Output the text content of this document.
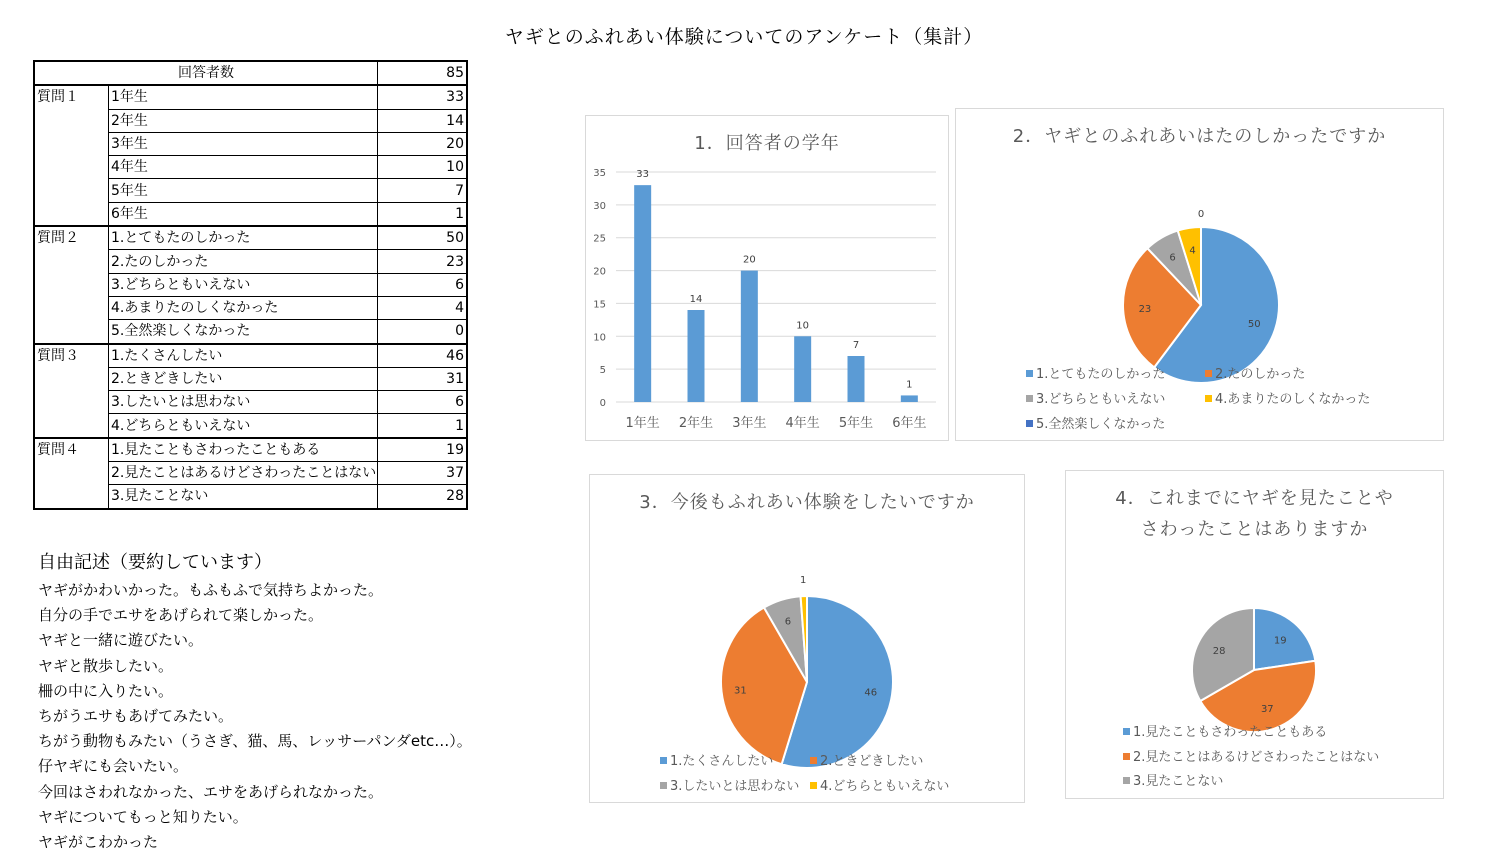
ヤギとのふれあい体験についてのアンケート（集計）
回答者数		85
質問１	1年生	33
	2年生	14
	3年生	20
	4年生	10
	5年生	7
	6年生	1
質問２	1.とてもたのしかった	50
	2.たのしかった	23
	3.どちらともいえない	6
	4.あまりたのしくなかった	4
	5.全然楽しくなかった	0
質問３	1.たくさんしたい	46
	2.ときどきしたい	31
	3.したいとは思わない	6
	4.どちらともいえない	1
質問４	1.見たこともさわったこともある	19
	2.見たことはあるけどさわったことはない	37
	3.見たことない	28
自由記述（要約しています）
ヤギがかわいかった。もふもふで気持ちよかった。
自分の手でエサをあげられて楽しかった。
ヤギと一緒に遊びたい。
ヤギと散歩したい。
柵の中に入りたい。
ちがうエサもあげてみたい。
ちがう動物もみたい（うさぎ、猫、馬、レッサーパンダetc…）。
仔ヤギにも会いたい。
今回はさわれなかった、エサをあげられなかった。
ヤギについてもっと知りたい。
ヤギがこわかった
1．回答者の学年
0
5
10
15
20
25
30
35	33
1年生
14
2年生
20
3年生
10
4年生
7
5年生
1
6年生
2．ヤギとのふれあいはたのしかったですか
50
23
6
4
0
1.とてもたのしかった	2.たのしかった
3.どちらともいえない	4.あまりたのしくなかった
5.全然楽しくなかった
3．今後もふれあい体験をしたいですか
46
31
6
1
1.たくさんしたい	2.ときどきしたい
3.したいとは思わない	4.どちらともいえない
4．これまでにヤギを見たことや
さわったことはありますか
19
37
28
1.見たこともさわったこともある
2.見たことはあるけどさわったことはない
3.見たことない
